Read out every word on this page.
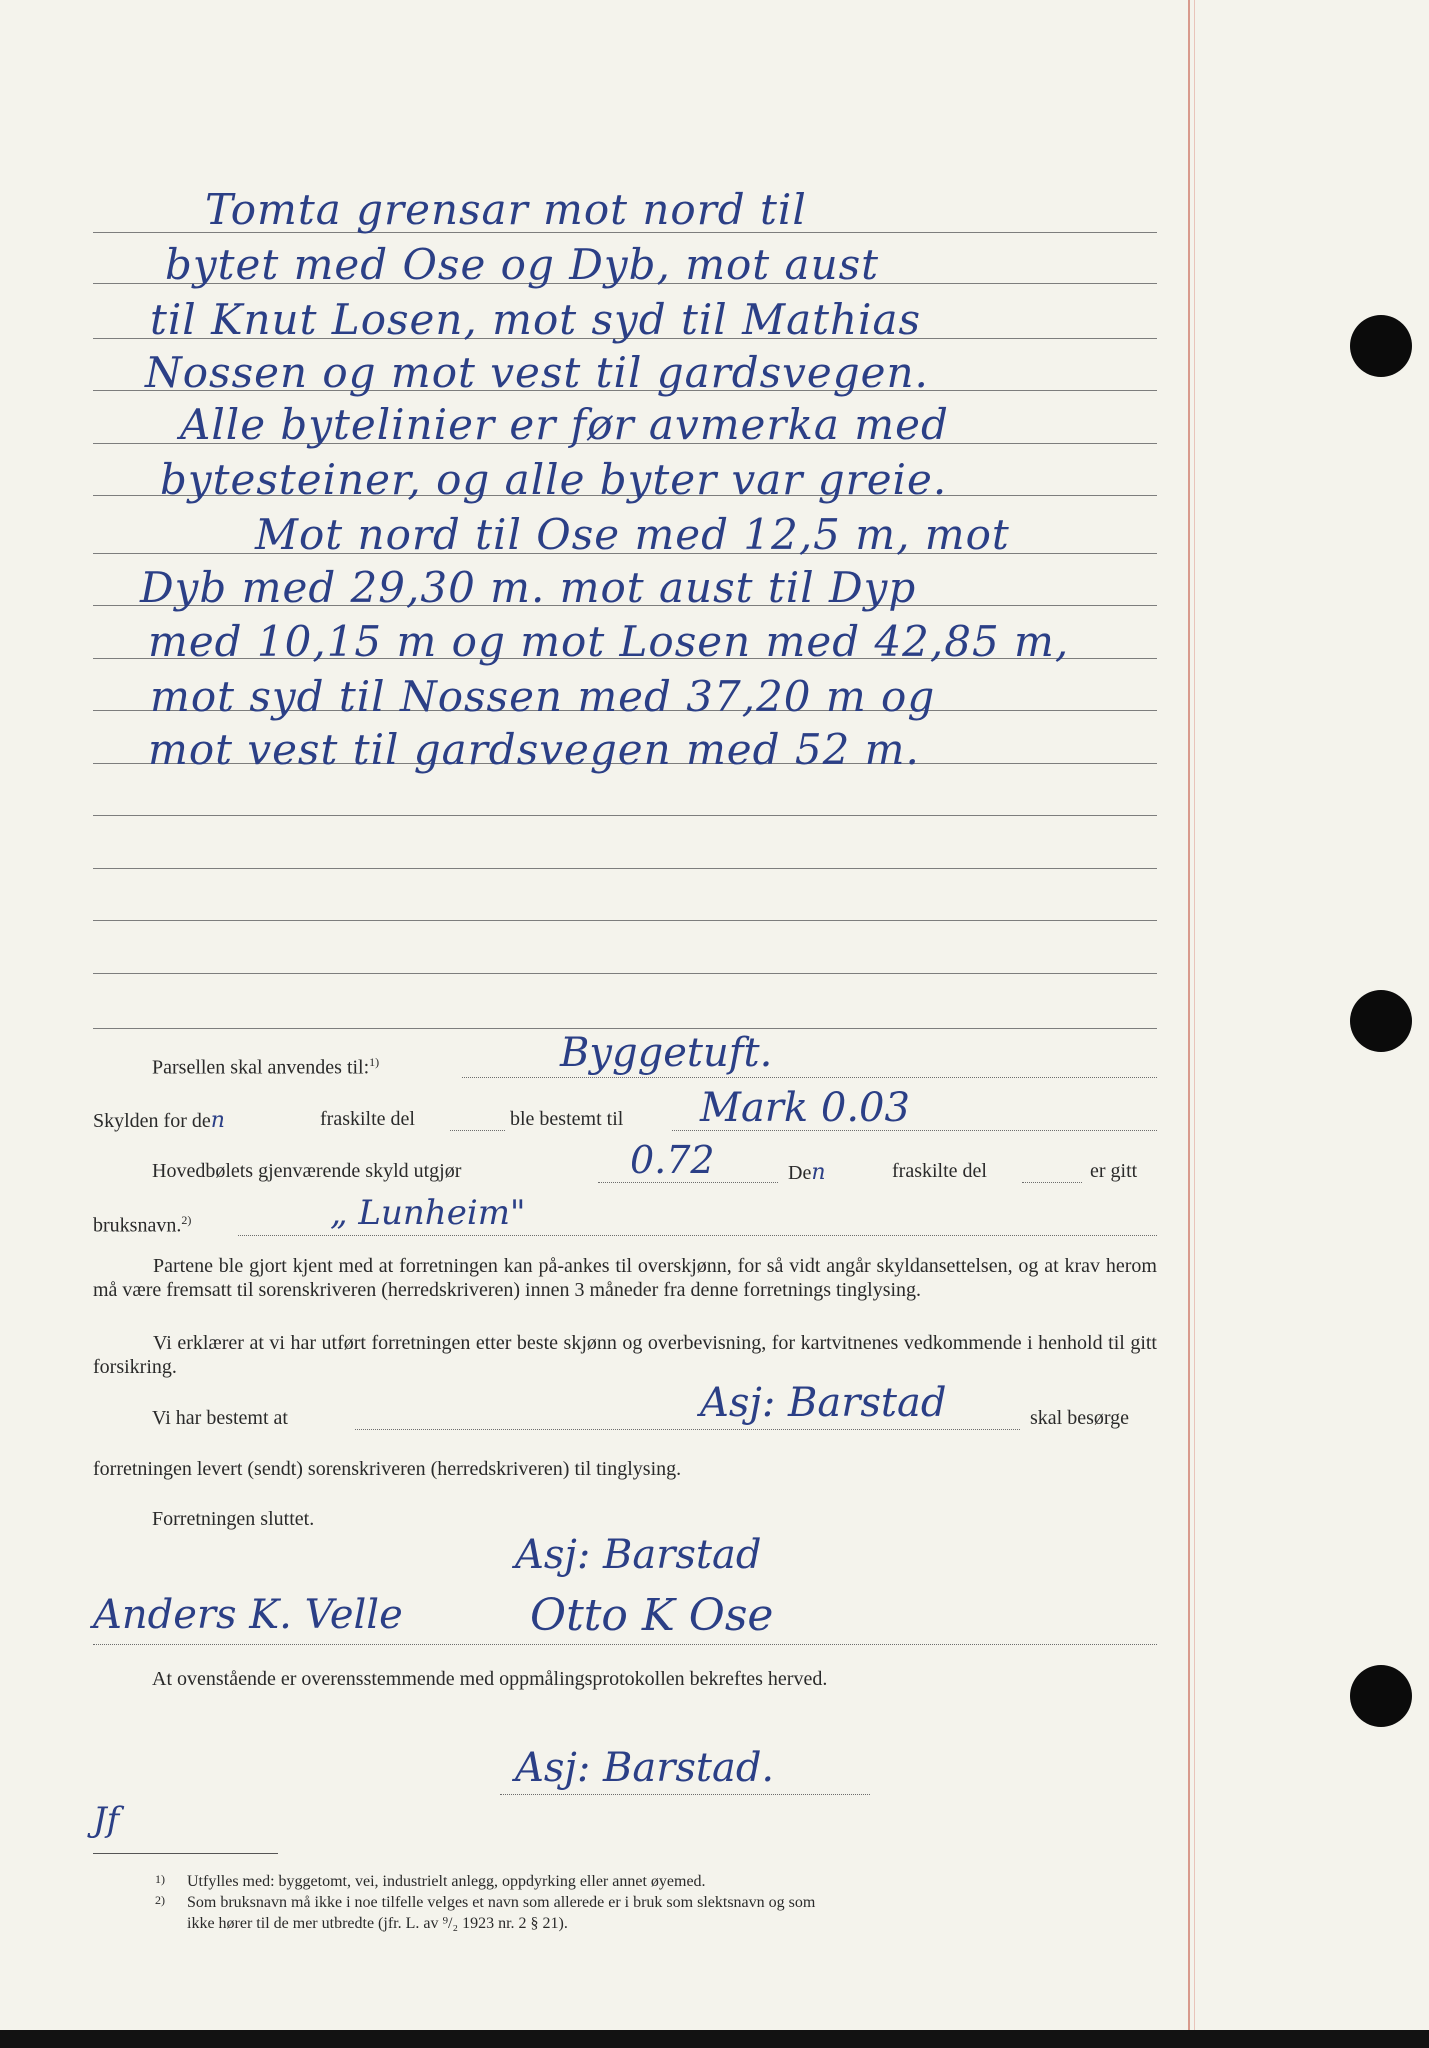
Tomta grensar mot nord til
bytet med Ose og Dyb, mot aust
til Knut Losen, mot syd til Mathias
Nossen og mot vest til gardsvegen.
Alle bytelinier er før avmerka med
bytesteiner, og alle byter var greie.
Mot nord til Ose med 12,5 m, mot
Dyb med 29,30 m. mot aust til Dyp
med 10,15 m og mot Losen med 42,85 m,
mot syd til Nossen med 37,20 m og
mot vest til gardsvegen med 52 m.
Parsellen skal anvendes til:$^{1)}$	Byggetuft.
Skylden for den	fraskilte del	ble bestemt til Mark 0.03
Hovedbølets gjenværende skyld utgjør	0.72	Den	fraskilte del	er gitt
bruksnavn.$^{2)}$	„ Lunheim"
Partene ble gjort kjent med at forretningen kan på-ankes til overskjønn, for så vidt angår skyldansettelsen, og at krav herom må være fremsatt til sorenskriveren (herredskriveren) innen 3 måneder fra denne forretnings tinglysing.
Vi erklærer at vi har utført forretningen etter beste skjønn og overbevisning, for kartvitnenes vedkommende i henhold til gitt forsikring.
Vi har bestemt at	Asj: Barstad	skal besørge
forretningen levert (sendt) sorenskriveren (herredskriveren) til tinglysing.
Forretningen sluttet.
Asj: Barstad
Anders K. Velle	Otto K Ose
At ovenstående er overensstemmende med oppmålingsprotokollen bekreftes herved.
Asj: Barstad.
Jf
1) Utfylles med: byggetomt, vei, industrielt anlegg, oppdyrking eller annet øyemed.
2) Som bruksnavn må ikke i noe tilfelle velges et navn som allerede er i bruk som slektsnavn og som
ikke hører til de mer utbredte (jfr. L. av ⁹/₂ 1923 nr. 2 § 21).
